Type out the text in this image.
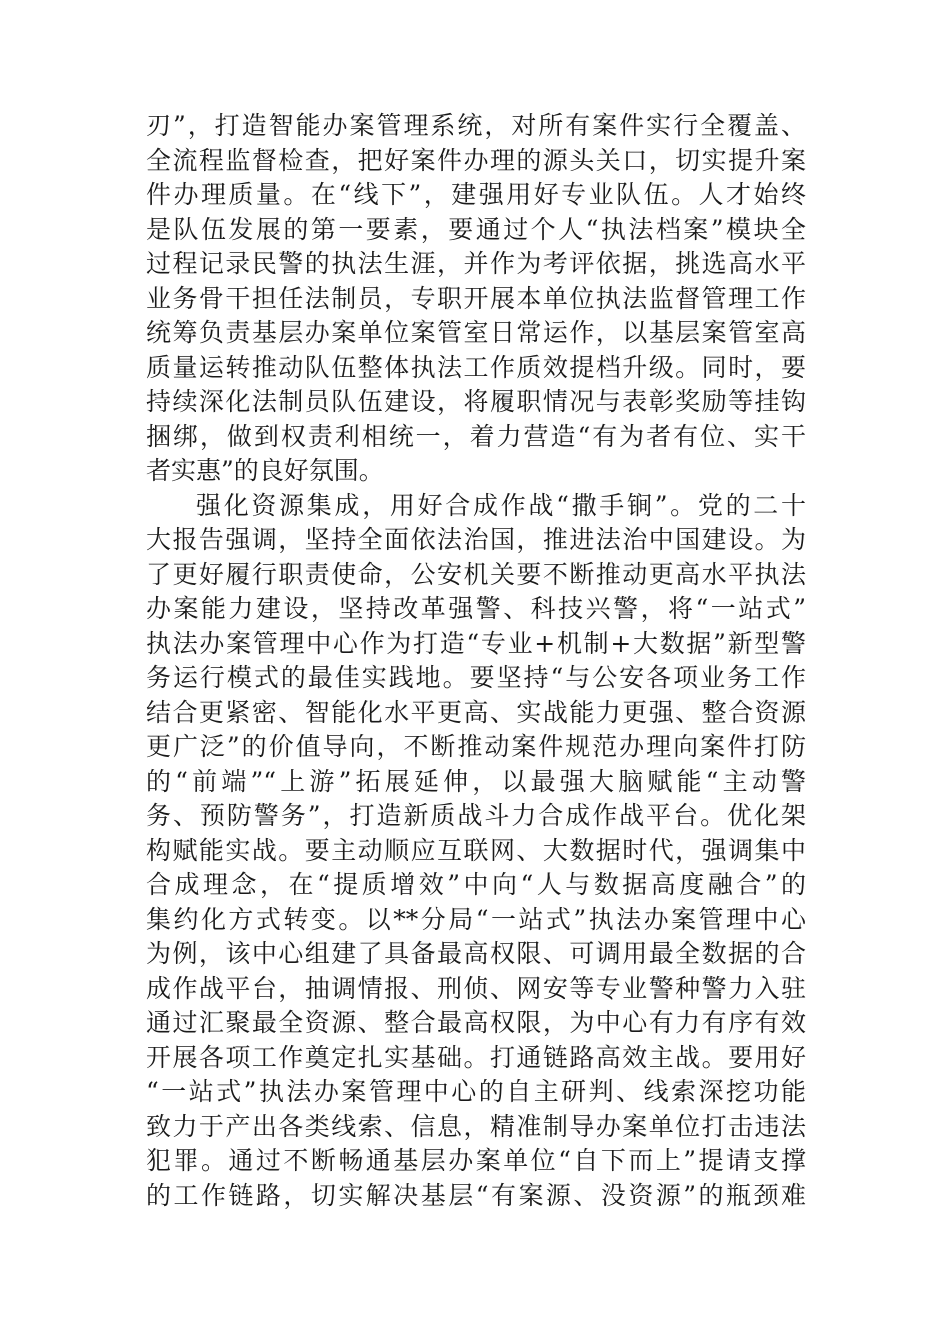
刃”，打造智能办案管理系统，对所有案件实行全覆盖、
全流程监督检查，把好案件办理的源头关口，切实提升案
件办理质量。在“线下”，建强用好专业队伍。人才始终
是队伍发展的第一要素，要通过个人“执法档案”模块全
过程记录民警的执法生涯，并作为考评依据，挑选高水平
业务骨干担任法制员，专职开展本单位执法监督管理工作
统筹负责基层办案单位案管室日常运作，以基层案管室高
质量运转推动队伍整体执法工作质效提档升级。同时，要
持续深化法制员队伍建设，将履职情况与表彰奖励等挂钩
捆绑，做到权责利相统一，着力营造“有为者有位、实干
者实惠”的良好氛围。
强化资源集成，用好合成作战“撒手锏”。党的二十
大报告强调，坚持全面依法治国，推进法治中国建设。为
了更好履行职责使命，公安机关要不断推动更高水平执法
办案能力建设，坚持改革强警、科技兴警，将“一站式”
执法办案管理中心作为打造“专业+机制+大数据”新型警
务运行模式的最佳实践地。要坚持“与公安各项业务工作
结合更紧密、智能化水平更高、实战能力更强、整合资源
更广泛”的价值导向，不断推动案件规范办理向案件打防
的“前端”“上游”拓展延伸，以最强大脑赋能“主动警
务、预防警务”，打造新质战斗力合成作战平台。优化架
构赋能实战。要主动顺应互联网、大数据时代，强调集中
合成理念，在“提质增效”中向“人与数据高度融合”的
集约化方式转变。以**分局“一站式”执法办案管理中心
为例，该中心组建了具备最高权限、可调用最全数据的合
成作战平台，抽调情报、刑侦、网安等专业警种警力入驻
通过汇聚最全资源、整合最高权限，为中心有力有序有效
开展各项工作奠定扎实基础。打通链路高效主战。要用好
“一站式”执法办案管理中心的自主研判、线索深挖功能
致力于产出各类线索、信息，精准制导办案单位打击违法
犯罪。通过不断畅通基层办案单位“自下而上”提请支撑
的工作链路，切实解决基层“有案源、没资源”的瓶颈难
